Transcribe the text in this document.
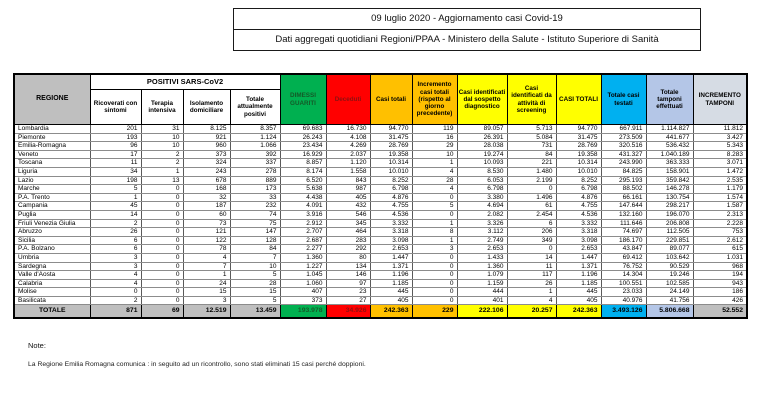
09 luglio 2020 - Aggiornamento casi Covid-19
Dati aggregati quotidiani Regioni/PPAA - Ministero della Salute - Istituto Superiore di Sanità
REGIONE	POSITIVI SARS-CoV2				DIMESSI GUARITI	Deceduti	Casi totali	Incremento casi totali (rispetto al giorno precedente)	Casi identificati dal sospetto diagnostico	Casi identificati da attività di screening	CASI TOTALI	Totale casi testati	Totale tamponi effettuati	INCREMENTO TAMPONI
	Ricoverati con sintomi	Terapia intensiva	Isolamento domiciliare	Totale attualmente positivi										
Lombardia	201	31	8.125	8.357	69.683	16.730	94.770	119	89.057	5.713	94.770	667.911	1.114.827	11.812
Piemonte	193	10	921	1.124	26.243	4.108	31.475	16	26.391	5.084	31.475	273.509	441.677	3.427
Emilia-Romagna	96	10	960	1.066	23.434	4.269	28.769	29	28.038	731	28.769	320.516	536.432	5.343
Veneto	17	2	373	392	16.929	2.037	19.358	10	19.274	84	19.358	431.327	1.040.189	8.283
Toscana	11	2	324	337	8.857	1.120	10.314	1	10.093	221	10.314	243.990	363.333	3.071
Liguria	34	1	243	278	8.174	1.558	10.010	4	8.530	1.480	10.010	84.825	158.901	1.472
Lazio	198	13	678	889	6.520	843	8.252	28	6.053	2.199	8.252	295.193	359.842	2.535
Marche	5	0	168	173	5.638	987	6.798	4	6.798	0	6.798	88.502	146.278	1.179
P.A. Trento	1	0	32	33	4.438	405	4.876	0	3.380	1.496	4.876	66.161	130.754	1.574
Campania	45	0	187	232	4.091	432	4.755	5	4.694	61	4.755	147.644	298.217	1.587
Puglia	14	0	60	74	3.916	546	4.536	0	2.082	2.454	4.536	132.160	196.070	2.313
Friuli Venezia Giulia	2	0	73	75	2.912	345	3.332	1	3.326	6	3.332	111.646	206.808	2.228
Abruzzo	26	0	121	147	2.707	464	3.318	8	3.112	206	3.318	74.697	112.505	753
Sicilia	6	0	122	128	2.687	283	3.098	1	2.749	349	3.098	186.170	229.851	2.612
P.A. Bolzano	6	0	78	84	2.277	292	2.653	3	2.653	0	2.653	43.847	89.077	615
Umbria	3	0	4	7	1.360	80	1.447	0	1.433	14	1.447	69.412	103.642	1.031
Sardegna	3	0	7	10	1.227	134	1.371	0	1.360	11	1.371	76.752	90.529	968
Valle d'Aosta	4	0	1	5	1.045	146	1.196	0	1.079	117	1.196	14.304	19.246	194
Calabria	4	0	24	28	1.060	97	1.185	0	1.159	26	1.185	100.551	102.585	943
Molise	0	0	15	15	407	23	445	0	444	1	445	23.033	24.149	186
Basilicata	2	0	3	5	373	27	405	0	401	4	405	40.976	41.756	426
TOTALE	871	69	12.519	13.459	193.978	34.926	242.363	229	222.106	20.257	242.363	3.493.126	5.806.668	52.552
Note:
La Regione Emilia Romagna comunica : in seguito ad un ricontrollo, sono stati eliminati 15 casi perché doppioni.
